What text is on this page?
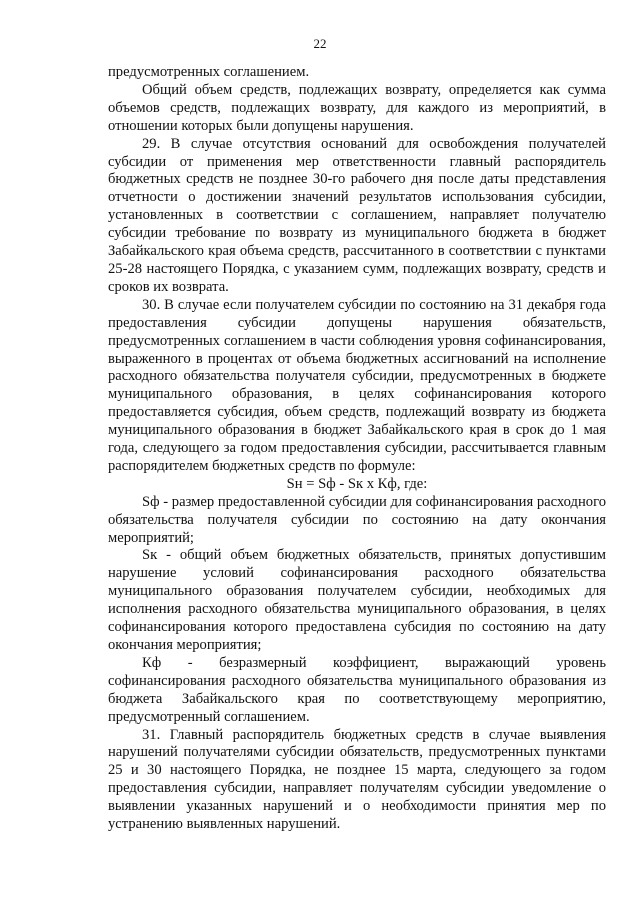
22

предусмотренных соглашением.

Общий объем средств, подлежащих возврату, определяется как сумма объемов средств, подлежащих возврату, для каждого из мероприятий, в отношении которых были допущены нарушения.

29. В случае отсутствия оснований для освобождения получателей субсидии от применения мер ответственности главный распорядитель бюджетных средств не позднее 30-го рабочего дня после даты представления отчетности о достижении значений результатов использования субсидии, установленных в соответствии с соглашением, направляет получателю субсидии требование по возврату из муниципального бюджета в бюджет Забайкальского края объема средств, рассчитанного в соответствии с пунктами 25-28 настоящего Порядка, с указанием сумм, подлежащих возврату, средств и сроков их возврата.

30. В случае если получателем субсидии по состоянию на 31 декабря года предоставления субсидии допущены нарушения обязательств, предусмотренных соглашением в части соблюдения уровня софинансирования, выраженного в процентах от объема бюджетных ассигнований на исполнение расходного обязательства получателя субсидии, предусмотренных в бюджете муниципального образования, в целях софинансирования которого предоставляется субсидия, объем средств, подлежащий возврату из бюджета муниципального образования в бюджет Забайкальского края в срок до 1 мая года, следующего за годом предоставления субсидии, рассчитывается главным распорядителем бюджетных средств по формуле:

Sн = Sф - Sк x Кф, где:

Sф - размер предоставленной субсидии для софинансирования расходного обязательства получателя субсидии по состоянию на дату окончания мероприятий;

Sк - общий объем бюджетных обязательств, принятых допустившим нарушение условий софинансирования расходного обязательства муниципального образования получателем субсидии, необходимых для исполнения расходного обязательства муниципального образования, в целях софинансирования которого предоставлена субсидия по состоянию на дату окончания мероприятия;

Кф - безразмерный коэффициент, выражающий уровень софинансирования расходного обязательства муниципального образования из бюджета Забайкальского края по соответствующему мероприятию, предусмотренный соглашением.

31. Главный распорядитель бюджетных средств в случае выявления нарушений получателями субсидии обязательств, предусмотренных пунктами 25 и 30 настоящего Порядка, не позднее 15 марта, следующего за годом предоставления субсидии, направляет получателям субсидии уведомление о выявлении указанных нарушений и о необходимости принятия мер по устранению выявленных нарушений.
